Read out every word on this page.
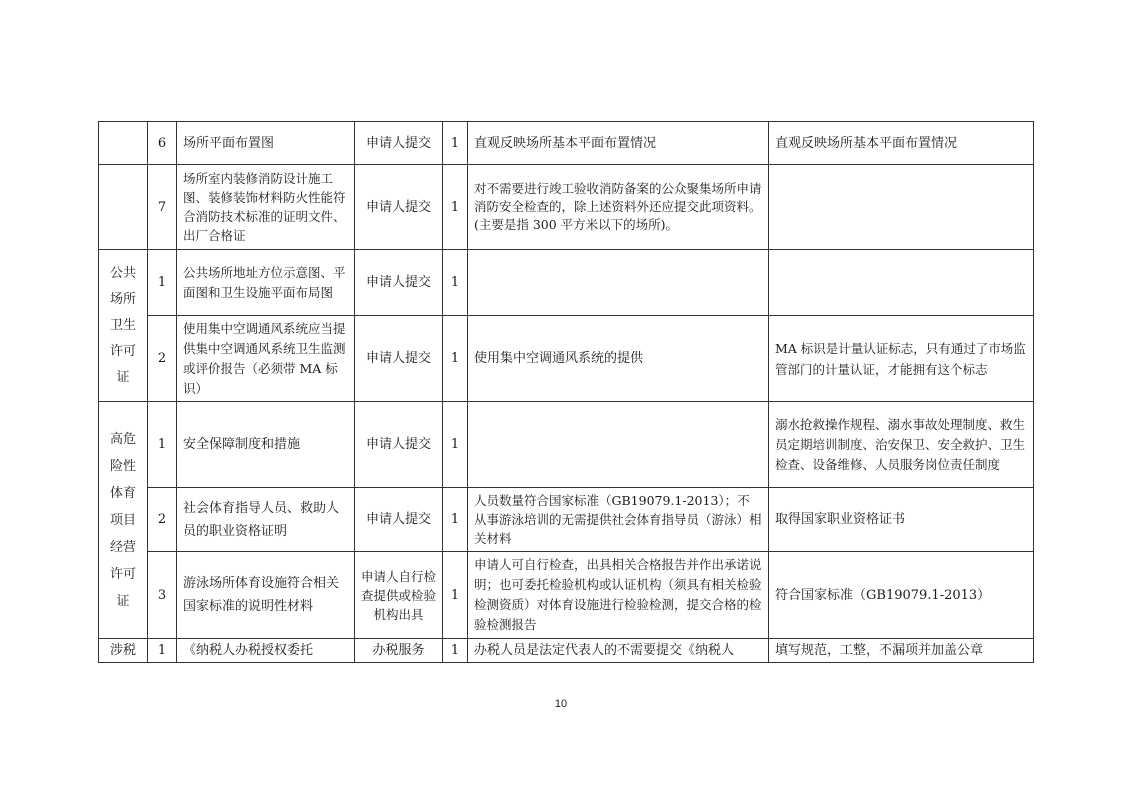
	6	场所平面布置图	申请人提交	1	直观反映场所基本平面布置情况	直观反映场所基本平面布置情况
	7	场所室内装修消防设计施工图、装修装饰材料防火性能符合消防技术标准的证明文件、出厂合格证	申请人提交	1	对不需要进行竣工验收消防备案的公众聚集场所申请消防安全检查的，除上述资料外还应提交此项资料。(主要是指 300 平方米以下的场所)。	
公共场所卫生许可证	1	公共场所地址方位示意图、平面图和卫生设施平面布局图	申请人提交	1		
	2	使用集中空调通风系统应当提供集中空调通风系统卫生监测或评价报告（必须带 MA 标识）	申请人提交	1	使用集中空调通风系统的提供	MA 标识是计量认证标志，只有通过了市场监管部门的计量认证，才能拥有这个标志
高危险性体育项目经营许可证	1	安全保障制度和措施	申请人提交	1		溺水抢救操作规程、溺水事故处理制度、救生员定期培训制度、治安保卫、安全救护、卫生检查、设备维修、人员服务岗位责任制度
	2	社会体育指导人员、救助人员的职业资格证明	申请人提交	1	人员数量符合国家标准（GB19079.1-2013）；不从事游泳培训的无需提供社会体育指导员（游泳）相关材料	取得国家职业资格证书
	3	游泳场所体育设施符合相关国家标准的说明性材料	申请人自行检查提供或检验机构出具	1	申请人可自行检查，出具相关合格报告并作出承诺说明；也可委托检验机构或认证机构（须具有相关检验检测资质）对体育设施进行检验检测，提交合格的检验检测报告	符合国家标准（GB19079.1-2013）
涉税	1	《纳税人办税授权委托	办税服务	1	办税人员是法定代表人的不需要提交《纳税人	填写规范，工整，不漏项并加盖公章
10
